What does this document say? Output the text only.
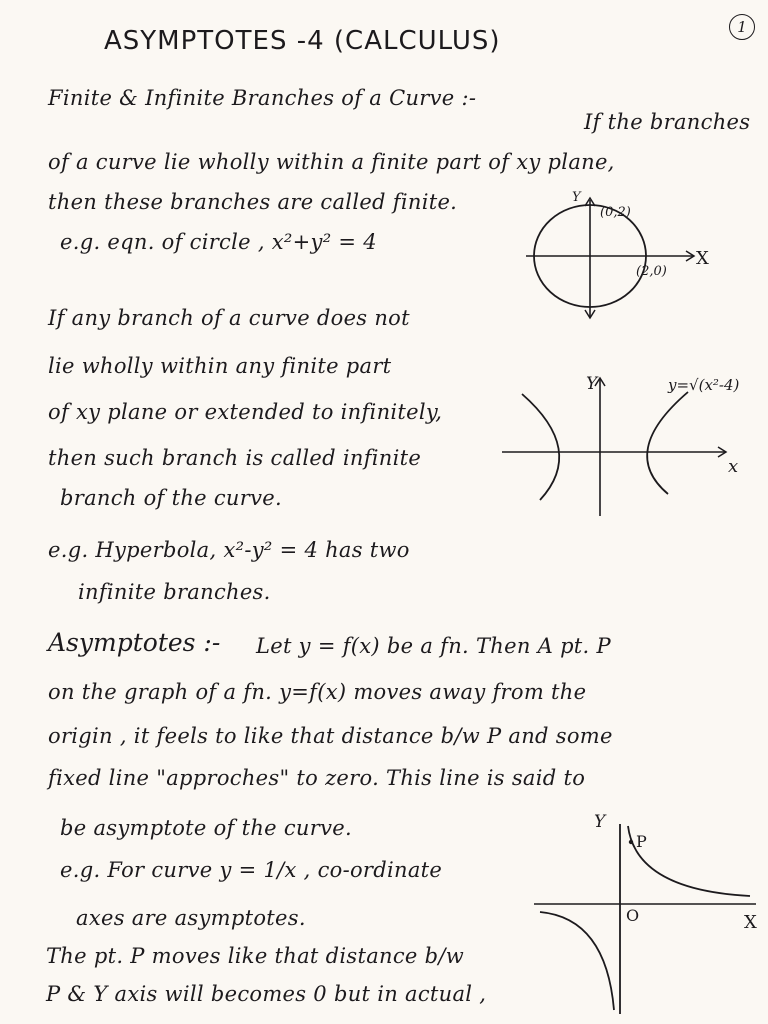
1
ASYMPTOTES -4 (CALCULUS)
Finite & Infinite Branches of a Curve :-
If the branches
of a curve lie wholly within a finite part of xy plane,
then these branches are called finite.
e.g. eqn. of circle , x²+y² = 4
If any branch of a curve does not
lie wholly within any finite part
of xy plane or extended to infinitely,
then such branch is called infinite
branch of the curve.
e.g. Hyperbola, x²-y² = 4 has two
infinite branches.
Y
(0,2)
(2,0)
X
Y	y=√(x²-4)
x
Asymptotes :- Let y = f(x) be a fn. Then A pt. P
on the graph of a fn. y=f(x) moves away from the
origin , it feels to like that distance b/w P and some
fixed line "approches" to zero. This line is said to
be asymptote of the curve.
e.g. For curve y = 1/x , co-ordinate
axes are asymptotes.
The pt. P moves like that distance b/w
P & Y axis will becomes 0 but in actual ,
Y
P
O	X
